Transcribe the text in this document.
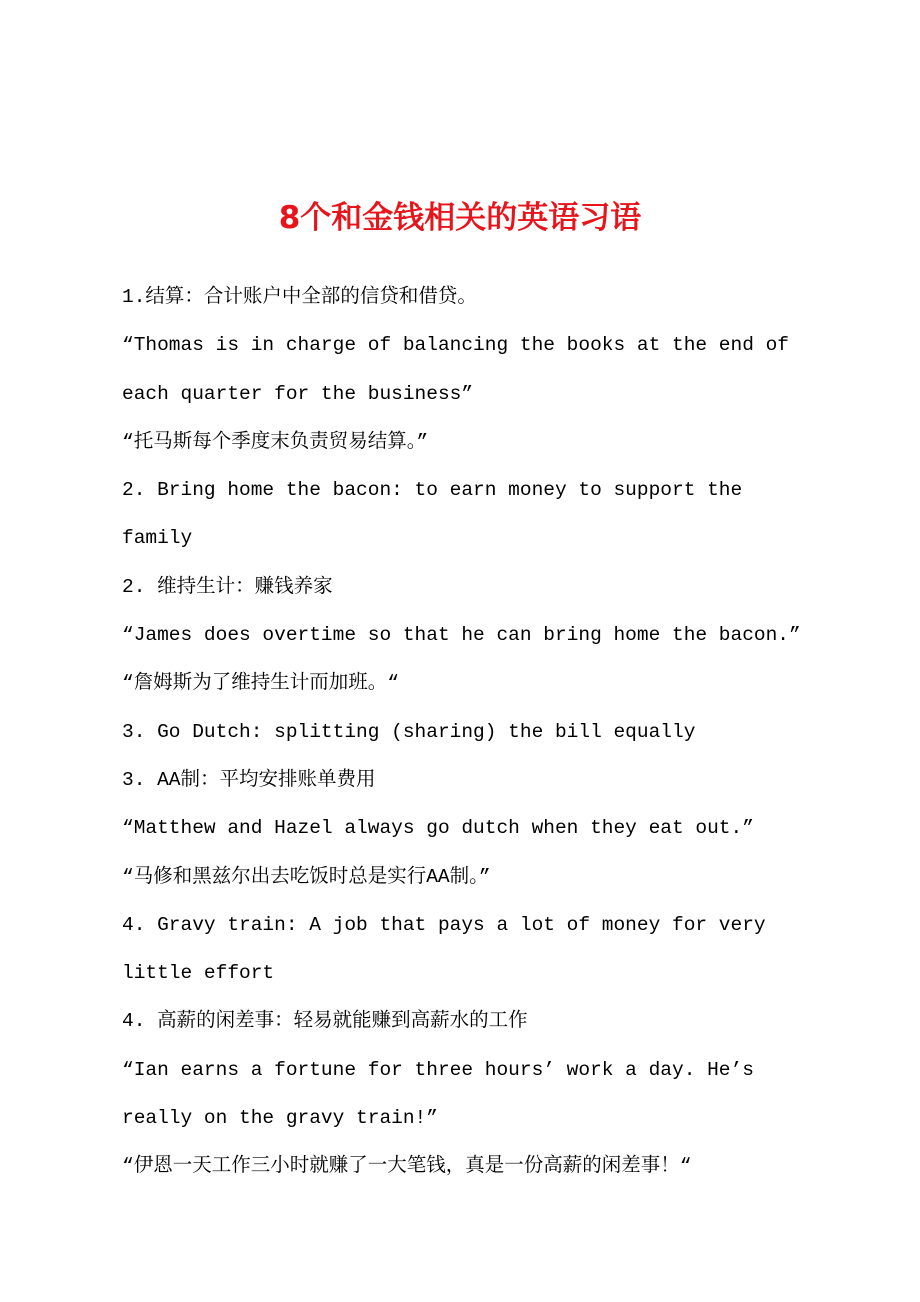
8个和金钱相关的英语习语

1.结算：合计账户中全部的信贷和借贷。

“Thomas is in charge of balancing the books at the end of each quarter for the business”

“托马斯每个季度末负责贸易结算。”

2. Bring home the bacon: to earn money to support the family

2. 维持生计：赚钱养家

“James does overtime so that he can bring home the bacon.”

“詹姆斯为了维持生计而加班。“

3. Go Dutch: splitting (sharing) the bill equally

3. AA制：平均安排账单费用

“Matthew and Hazel always go dutch when they eat out.”

“马修和黑兹尔出去吃饭时总是实行AA制。”

4. Gravy train: A job that pays a lot of money for very little effort

4. 高薪的闲差事：轻易就能赚到高薪水的工作

“Ian earns a fortune for three hours’ work a day. He’s really on the gravy train!”

“伊恩一天工作三小时就赚了一大笔钱，真是一份高薪的闲差事！“
